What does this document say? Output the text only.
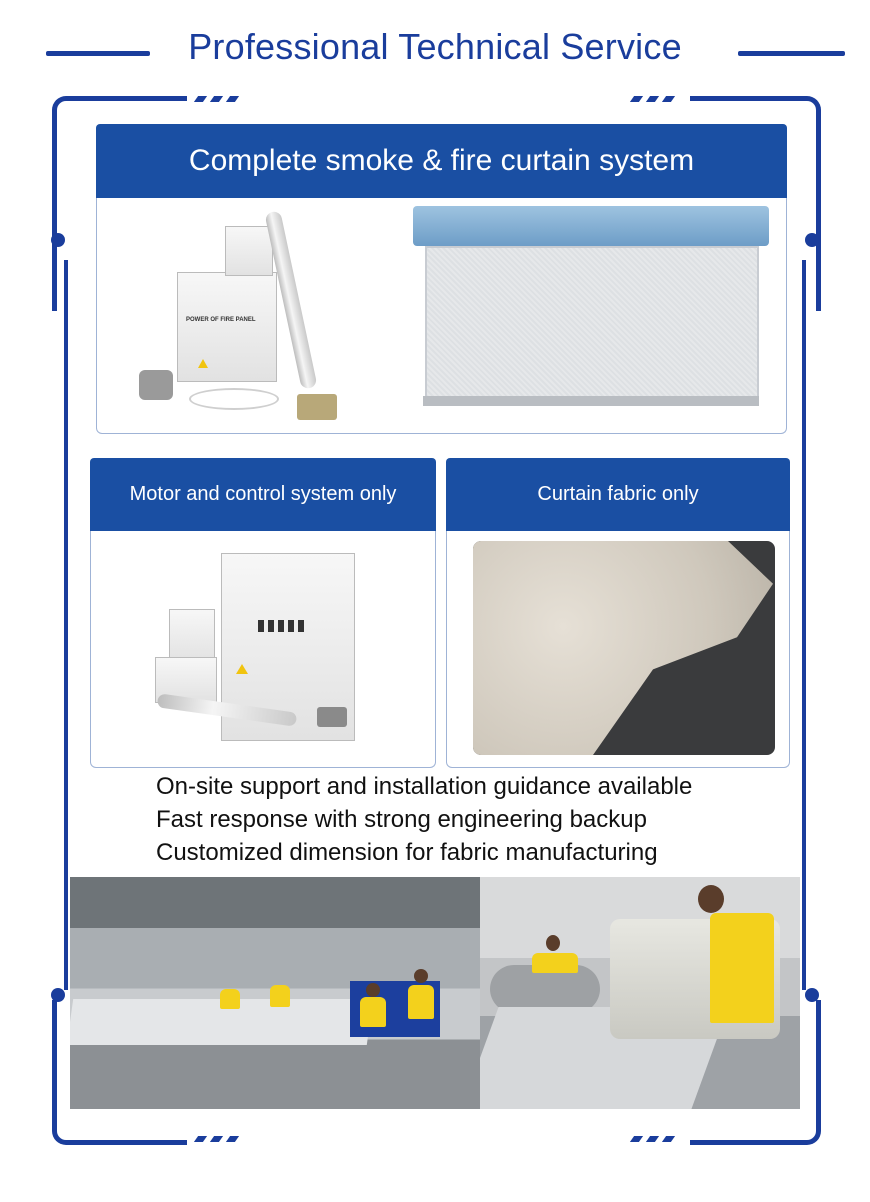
Professional Technical Service
Complete smoke & fire curtain system
POWER OF FIRE PANEL
Motor and control system only	Curtain fabric only
On-site support and installation guidance available
Fast response with strong engineering backup
Customized dimension for fabric manufacturing
